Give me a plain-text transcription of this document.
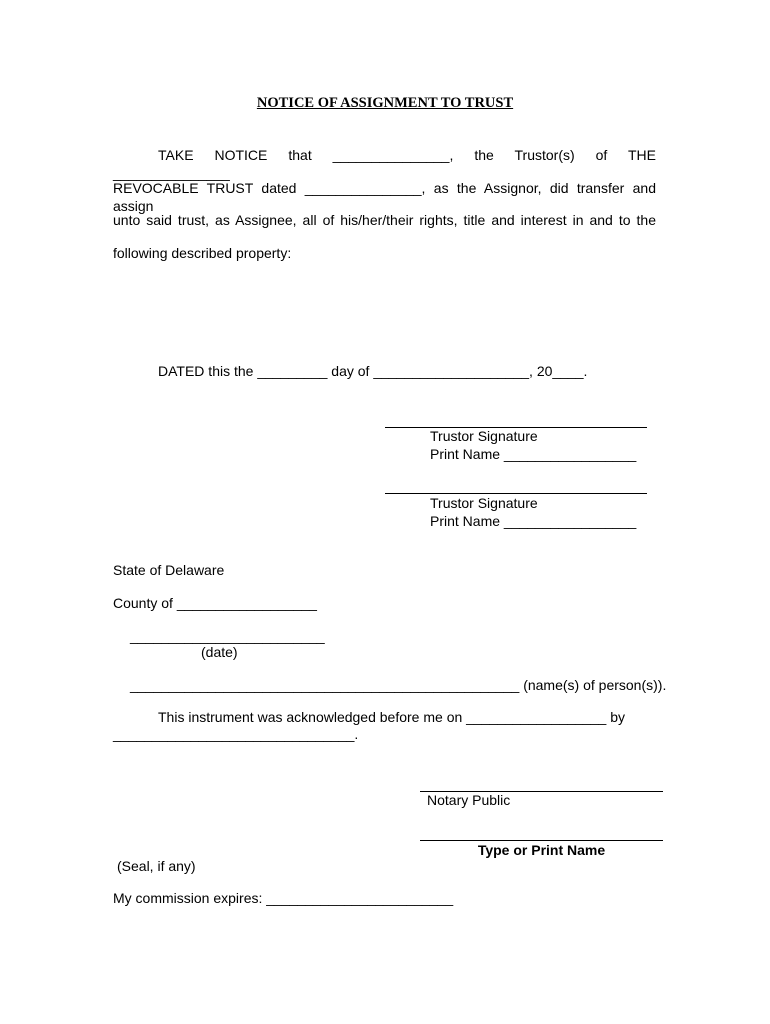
NOTICE OF ASSIGNMENT TO TRUST
TAKE NOTICE that _______________, the Trustor(s) of THE _______________
REVOCABLE TRUST dated _______________, as the Assignor, did transfer and assign
unto said trust, as Assignee, all of his/her/their rights, title and interest in and to the
following described property:
DATED this the _________ day of ____________________, 20____.
Trustor Signature
Print Name _________________
Trustor Signature
Print Name _________________
State of Delaware
County of __________________
_________________________
(date)
__________________________________________________ (name(s) of person(s)).
This instrument was acknowledged before me on __________________ by
_______________________________.
Notary Public
Type or Print Name
(Seal, if any)
My commission expires: ________________________
